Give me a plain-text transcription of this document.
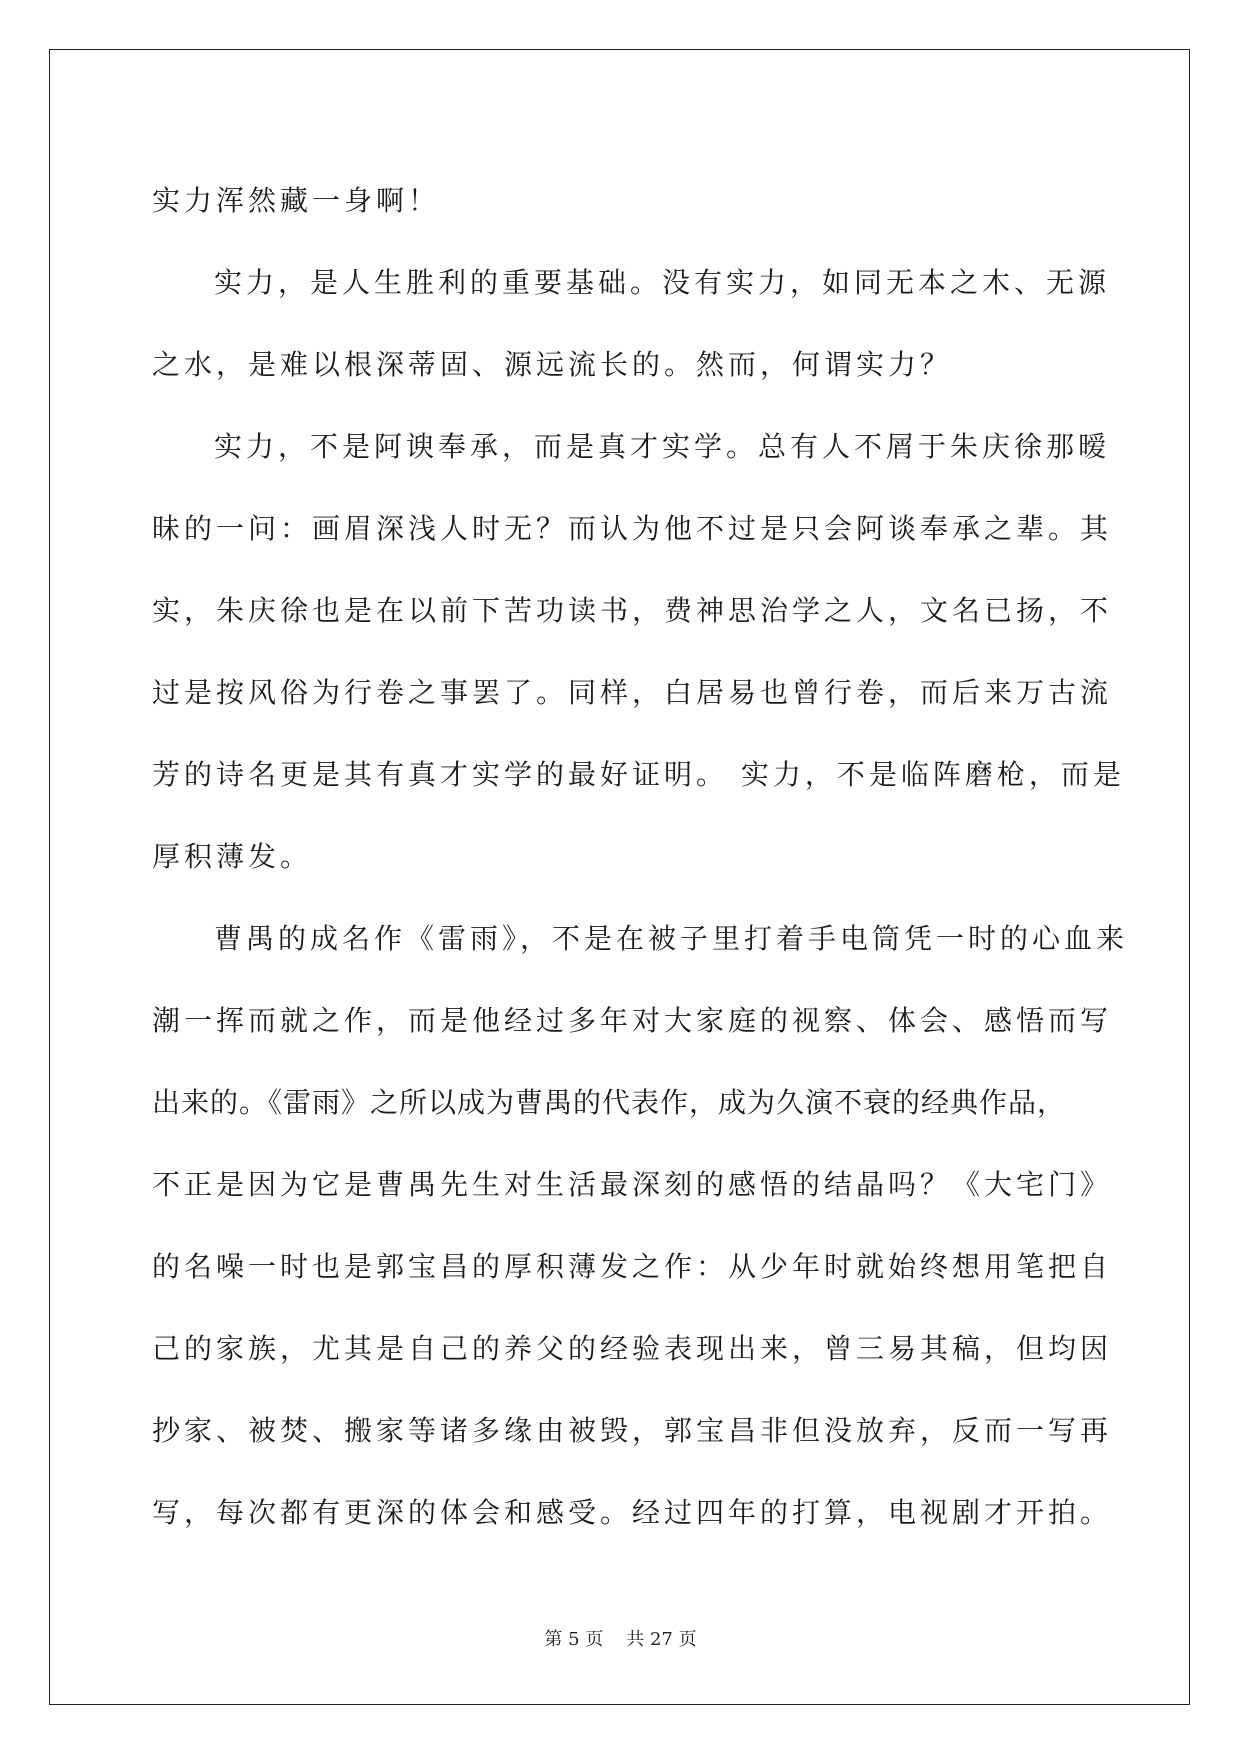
实力浑然藏一身啊！

实力，是人生胜利的重要基础。没有实力，如同无本之木、无源
之水，是难以根深蒂固、源远流长的。然而，何谓实力？

实力，不是阿谀奉承，而是真才实学。总有人不屑于朱庆徐那暧
昧的一问：画眉深浅人时无？而认为他不过是只会阿谈奉承之辈。其
实，朱庆徐也是在以前下苦功读书，费神思治学之人，文名已扬，不
过是按风俗为行卷之事罢了。同样，白居易也曾行卷，而后来万古流
芳的诗名更是其有真才实学的最好证明。 实力，不是临阵磨枪，而是
厚积薄发。

曹禺的成名作《雷雨》，不是在被子里打着手电筒凭一时的心血来
潮一挥而就之作，而是他经过多年对大家庭的视察、体会、感悟而写
出来的。《雷雨》之所以成为曹禺的代表作，成为久演不衰的经典作品，
不正是因为它是曹禺先生对生活最深刻的感悟的结晶吗？《大宅门》
的名噪一时也是郭宝昌的厚积薄发之作：从少年时就始终想用笔把自
己的家族，尤其是自己的养父的经验表现出来，曾三易其稿，但均因
抄家、被焚、搬家等诸多缘由被毁，郭宝昌非但没放弃，反而一写再
写，每次都有更深的体会和感受。经过四年的打算，电视剧才开拍。

第 5 页 共 27 页
